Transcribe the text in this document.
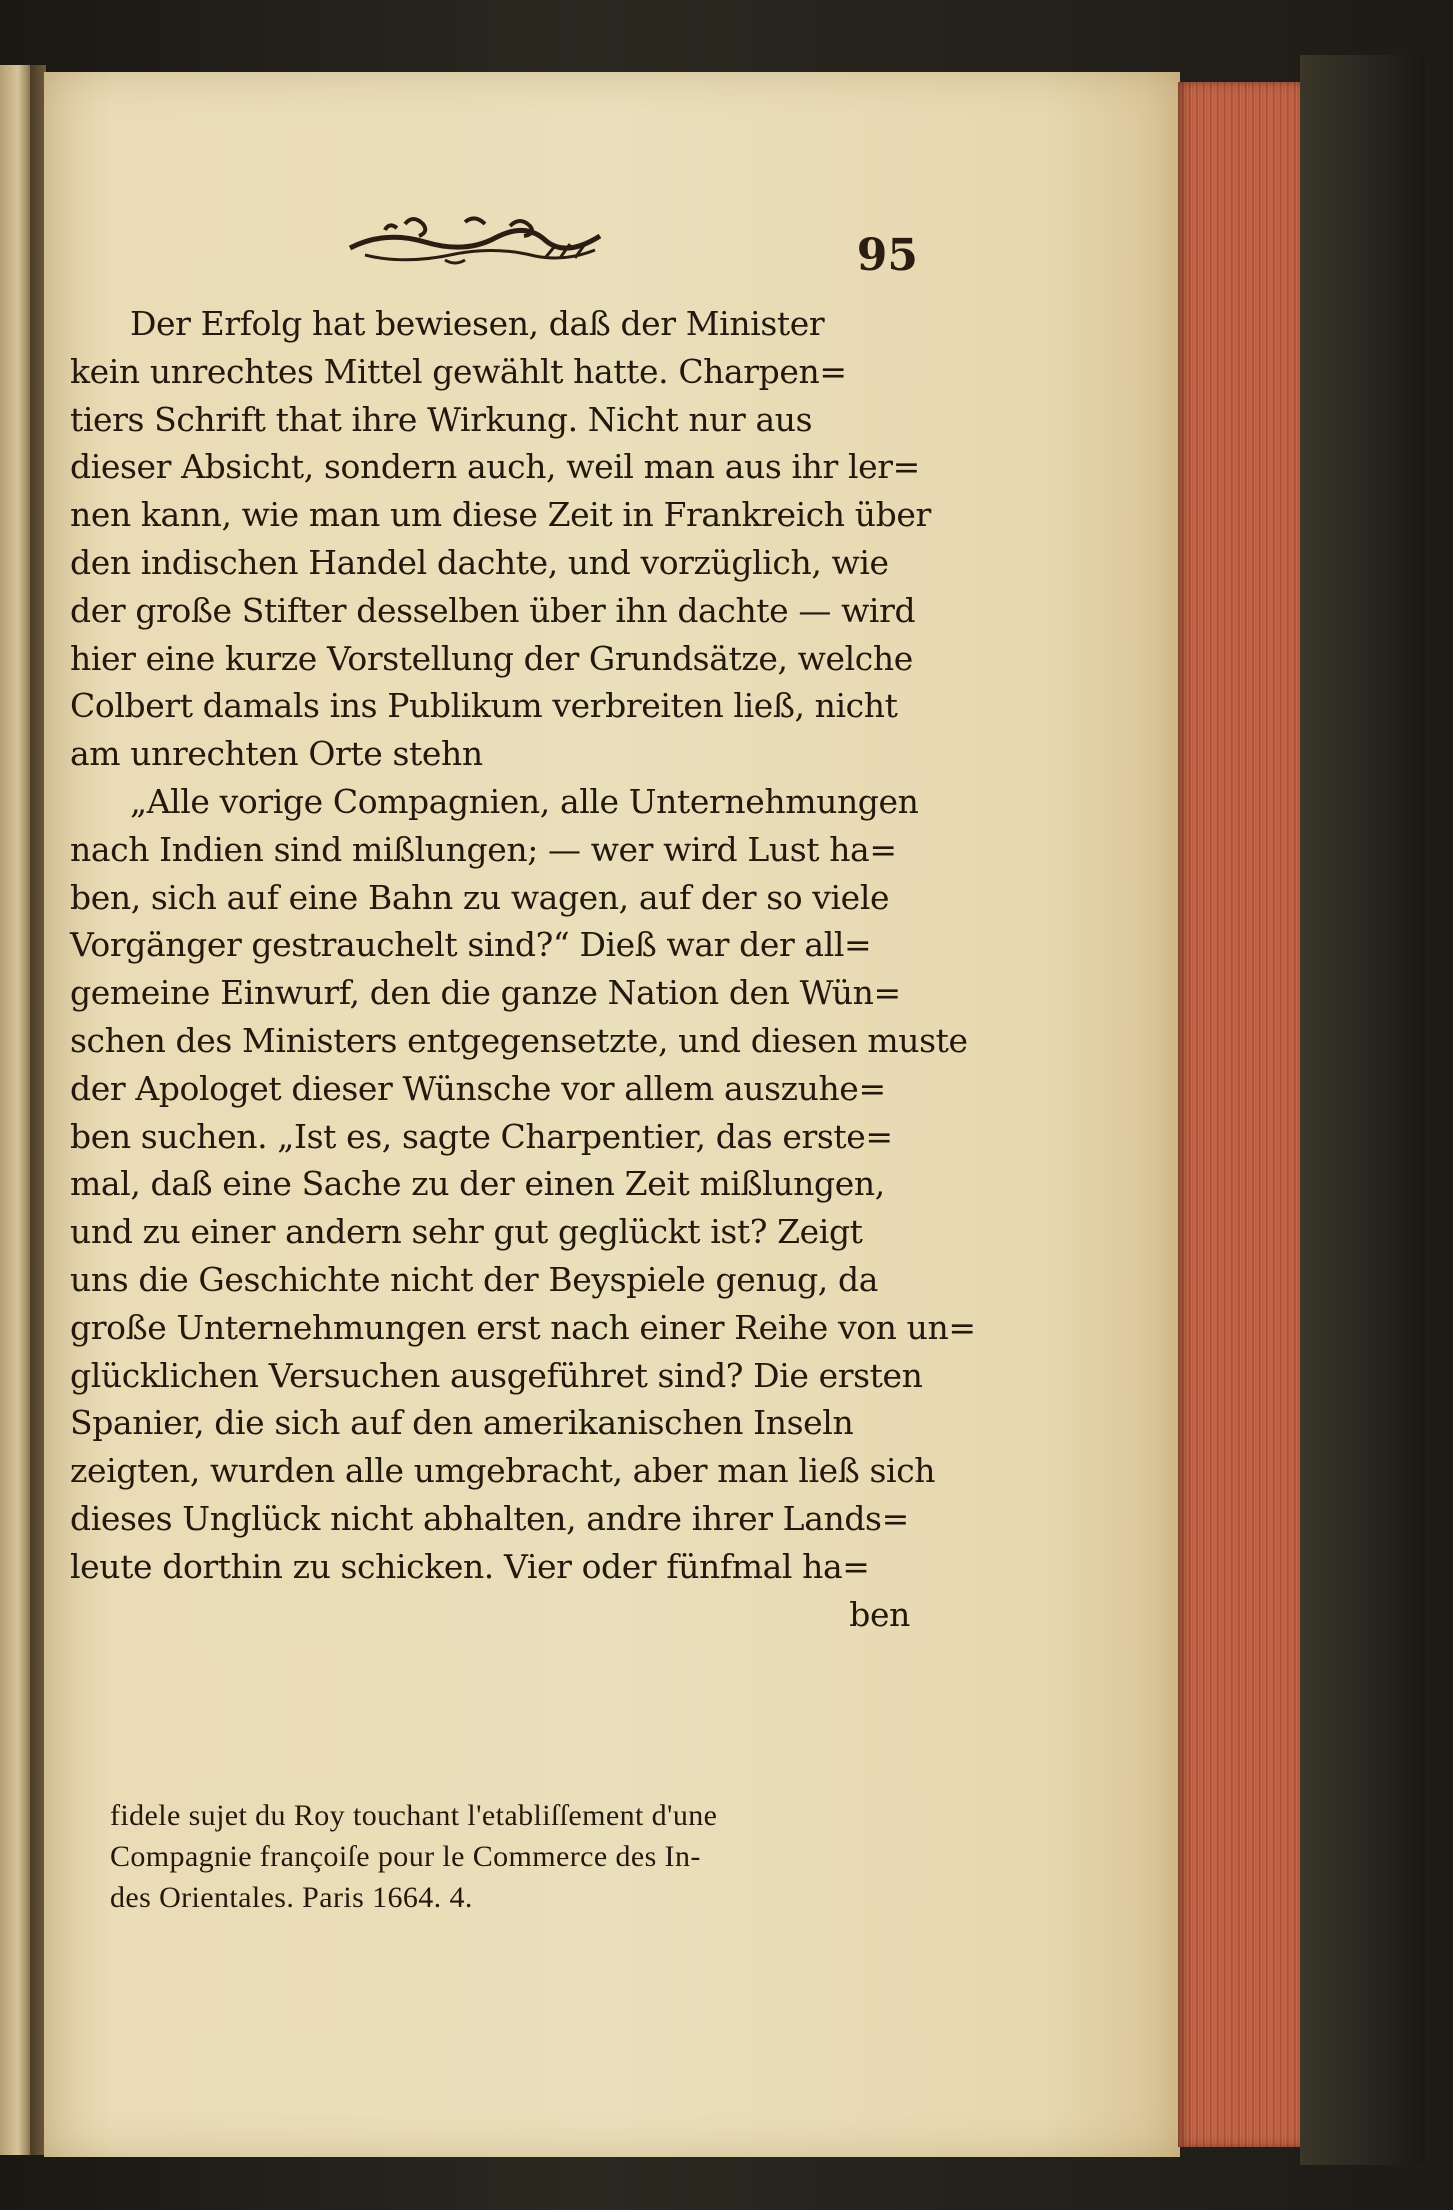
95
Der Erfolg hat bewiesen, daß der Minister
kein unrechtes Mittel gewählt hatte. Charpen=
tiers Schrift that ihre Wirkung. Nicht nur aus
dieser Absicht, sondern auch, weil man aus ihr ler=
nen kann, wie man um diese Zeit in Frankreich über
den indischen Handel dachte, und vorzüglich, wie
der große Stifter desselben über ihn dachte — wird
hier eine kurze Vorstellung der Grundsätze, welche
Colbert damals ins Publikum verbreiten ließ, nicht
am unrechten Orte stehn
„Alle vorige Compagnien, alle Unternehmungen
nach Indien sind mißlungen; — wer wird Lust ha=
ben, sich auf eine Bahn zu wagen, auf der so viele
Vorgänger gestrauchelt sind?“ Dieß war der all=
gemeine Einwurf, den die ganze Nation den Wün=
schen des Ministers entgegensetzte, und diesen muste
der Apologet dieser Wünsche vor allem auszuhe=
ben suchen. „Ist es, sagte Charpentier, das erste=
mal, daß eine Sache zu der einen Zeit mißlungen,
und zu einer andern sehr gut geglückt ist? Zeigt
uns die Geschichte nicht der Beyspiele genug, da
große Unternehmungen erst nach einer Reihe von un=
glücklichen Versuchen ausgeführet sind? Die ersten
Spanier, die sich auf den amerikanischen Inseln
zeigten, wurden alle umgebracht, aber man ließ sich
dieses Unglück nicht abhalten, andre ihrer Lands=
leute dorthin zu schicken. Vier oder fünfmal ha=
ben
fidele sujet du Roy touchant l'etabliſſement d'une
Compagnie françoiſe pour le Commerce des In-
des Orientales. Paris 1664. 4.
